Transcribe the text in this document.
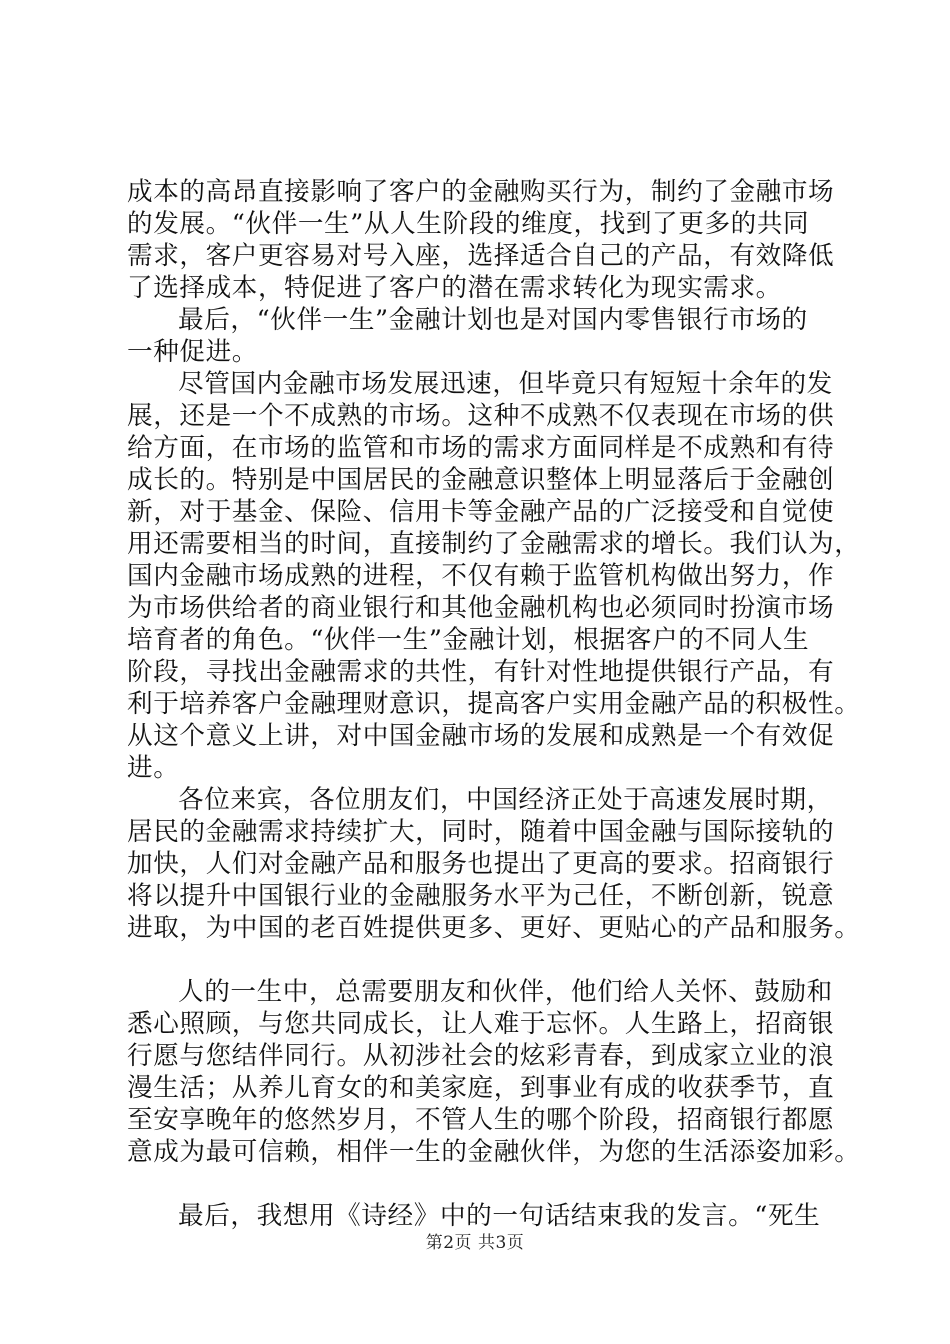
成本的高昂直接影响了客户的金融购买行为，制约了金融市场
的发展。“伙伴一生”从人生阶段的维度，找到了更多的共同
需求，客户更容易对号入座，选择适合自己的产品，有效降低
了选择成本，特促进了客户的潜在需求转化为现实需求。
最后，“伙伴一生”金融计划也是对国内零售银行市场的
一种促进。
尽管国内金融市场发展迅速，但毕竟只有短短十余年的发
展，还是一个不成熟的市场。这种不成熟不仅表现在市场的供
给方面，在市场的监管和市场的需求方面同样是不成熟和有待
成长的。特别是中国居民的金融意识整体上明显落后于金融创
新，对于基金、保险、信用卡等金融产品的广泛接受和自觉使
用还需要相当的时间，直接制约了金融需求的增长。我们认为，
国内金融市场成熟的进程，不仅有赖于监管机构做出努力，作
为市场供给者的商业银行和其他金融机构也必须同时扮演市场
培育者的角色。“伙伴一生”金融计划，根据客户的不同人生
阶段，寻找出金融需求的共性，有针对性地提供银行产品，有
利于培养客户金融理财意识，提高客户实用金融产品的积极性。
从这个意义上讲，对中国金融市场的发展和成熟是一个有效促
进。
各位来宾，各位朋友们，中国经济正处于高速发展时期，
居民的金融需求持续扩大，同时，随着中国金融与国际接轨的
加快，人们对金融产品和服务也提出了更高的要求。招商银行
将以提升中国银行业的金融服务水平为己任，不断创新，锐意
进取，为中国的老百姓提供更多、更好、更贴心的产品和服务。
人的一生中，总需要朋友和伙伴，他们给人关怀、鼓励和
悉心照顾，与您共同成长，让人难于忘怀。人生路上，招商银
行愿与您结伴同行。从初涉社会的炫彩青春，到成家立业的浪
漫生活；从养儿育女的和美家庭，到事业有成的收获季节，直
至安享晚年的悠然岁月，不管人生的哪个阶段，招商银行都愿
意成为最可信赖，相伴一生的金融伙伴，为您的生活添姿加彩。
最后，我想用《诗经》中的一句话结束我的发言。“死生
第2页 共3页
